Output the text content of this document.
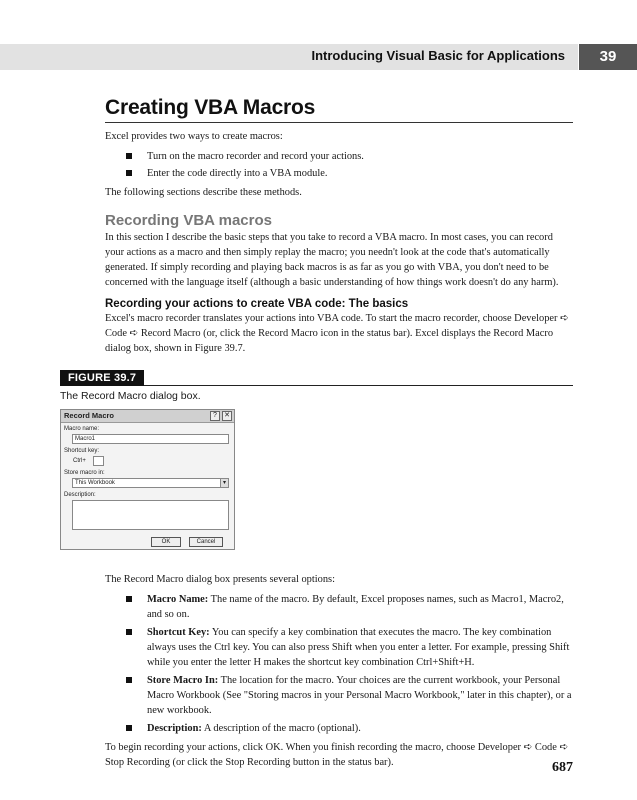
Introducing Visual Basic for Applications	39
Creating VBA Macros

Excel provides two ways to create macros:

Turn on the macro recorder and record your actions.
Enter the code directly into a VBA module.

The following sections describe these methods.

Recording VBA macros

In this section I describe the basic steps that you take to record a VBA macro. In most cases, you can record your actions as a macro and then simply replay the macro; you needn't look at the code that's automatically generated. If simply recording and playing back macros is as far as you go with VBA, you don't need to be concerned with the language itself (although a basic understanding of how things work doesn't do any harm).

Recording your actions to create VBA code: The basics

Excel's macro recorder translates your actions into VBA code. To start the macro recorder, choose Developer ➪ Code ➪ Record Macro (or, click the Record Macro icon in the status bar). Excel displays the Record Macro dialog box, shown in Figure 39.7.

FIGURE 39.7
The Record Macro dialog box.
Record Macro	?	✕
Macro name:
Macro1
Shortcut key:
Ctrl+
Store macro in:
This Workbook	▾
Description:
OK	Cancel

The Record Macro dialog box presents several options:

Macro Name: The name of the macro. By default, Excel proposes names, such as Macro1, Macro2, and so on.
Shortcut Key: You can specify a key combination that executes the macro. The key combination always uses the Ctrl key. You can also press Shift when you enter a letter. For example, pressing Shift while you enter the letter H makes the shortcut key combination Ctrl+Shift+H.
Store Macro In: The location for the macro. Your choices are the current workbook, your Personal Macro Workbook (See "Storing macros in your Personal Macro Workbook," later in this chapter), or a new workbook.
Description: A description of the macro (optional).

To begin recording your actions, click OK. When you finish recording the macro, choose Developer ➪ Code ➪ Stop Recording (or click the Stop Recording button in the status bar).	687
